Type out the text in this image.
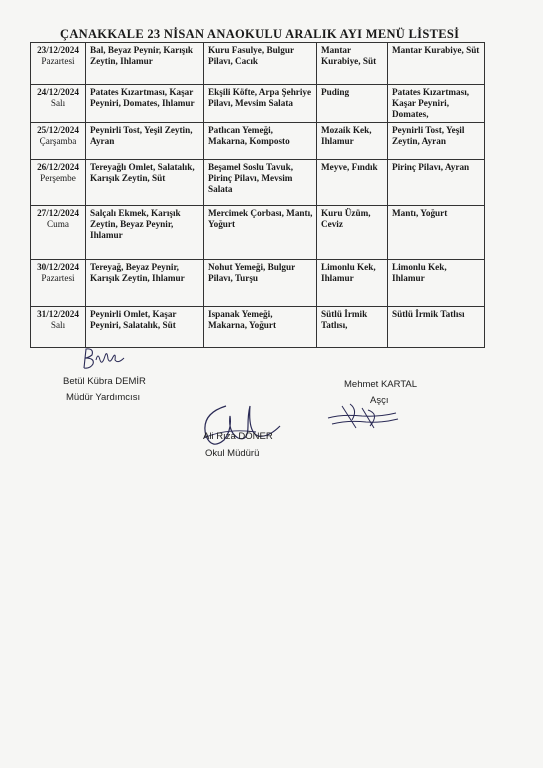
ÇANAKKALE 23 NİSAN ANAOKULU ARALIK AYI MENÜ LİSTESİ
23/12/2024
Pazartesi	Bal, Beyaz Peynir, Karışık Zeytin, Ihlamur	Kuru Fasulye, Bulgur Pilavı, Cacık	Mantar Kurabiye, Süt	Mantar Kurabiye, Süt

24/12/2024
Salı	Patates Kızartması, Kaşar Peyniri, Domates, Ihlamur	Ekşili Köfte, Arpa Şehriye Pilavı, Mevsim Salata	Puding	Patates Kızartması, Kaşar Peyniri, Domates,

25/12/2024
Çarşamba	Peynirli Tost, Yeşil Zeytin, Ayran	Patlıcan Yemeği, Makarna, Komposto	Mozaik Kek, Ihlamur	Peynirli Tost, Yeşil Zeytin, Ayran

26/12/2024
Perşembe	Tereyağlı Omlet, Salatalık, Karışık Zeytin, Süt	Beşamel Soslu Tavuk, Pirinç Pilavı, Mevsim Salata	Meyve, Fındık	Pirinç Pilavı, Ayran

27/12/2024
Cuma	Salçalı Ekmek, Karışık Zeytin, Beyaz Peynir, Ihlamur	Mercimek Çorbası, Mantı, Yoğurt	Kuru Üzüm, Ceviz	Mantı, Yoğurt

30/12/2024
Pazartesi	Tereyağ, Beyaz Peynir, Karışık Zeytin, Ihlamur	Nohut Yemeği, Bulgur Pilavı, Turşu	Limonlu Kek, Ihlamur	Limonlu Kek, Ihlamur

31/12/2024
Salı	Peynirli Omlet, Kaşar Peyniri, Salatalık, Süt	Ispanak Yemeği, Makarna, Yoğurt	Sütlü İrmik Tatlısı,	Sütlü İrmik Tatlısı
Betül Kübra DEMİR
Müdür Yardımcısı
Mehmet KARTAL
Aşçı
Ali Rıza DÖNER
Okul Müdürü
